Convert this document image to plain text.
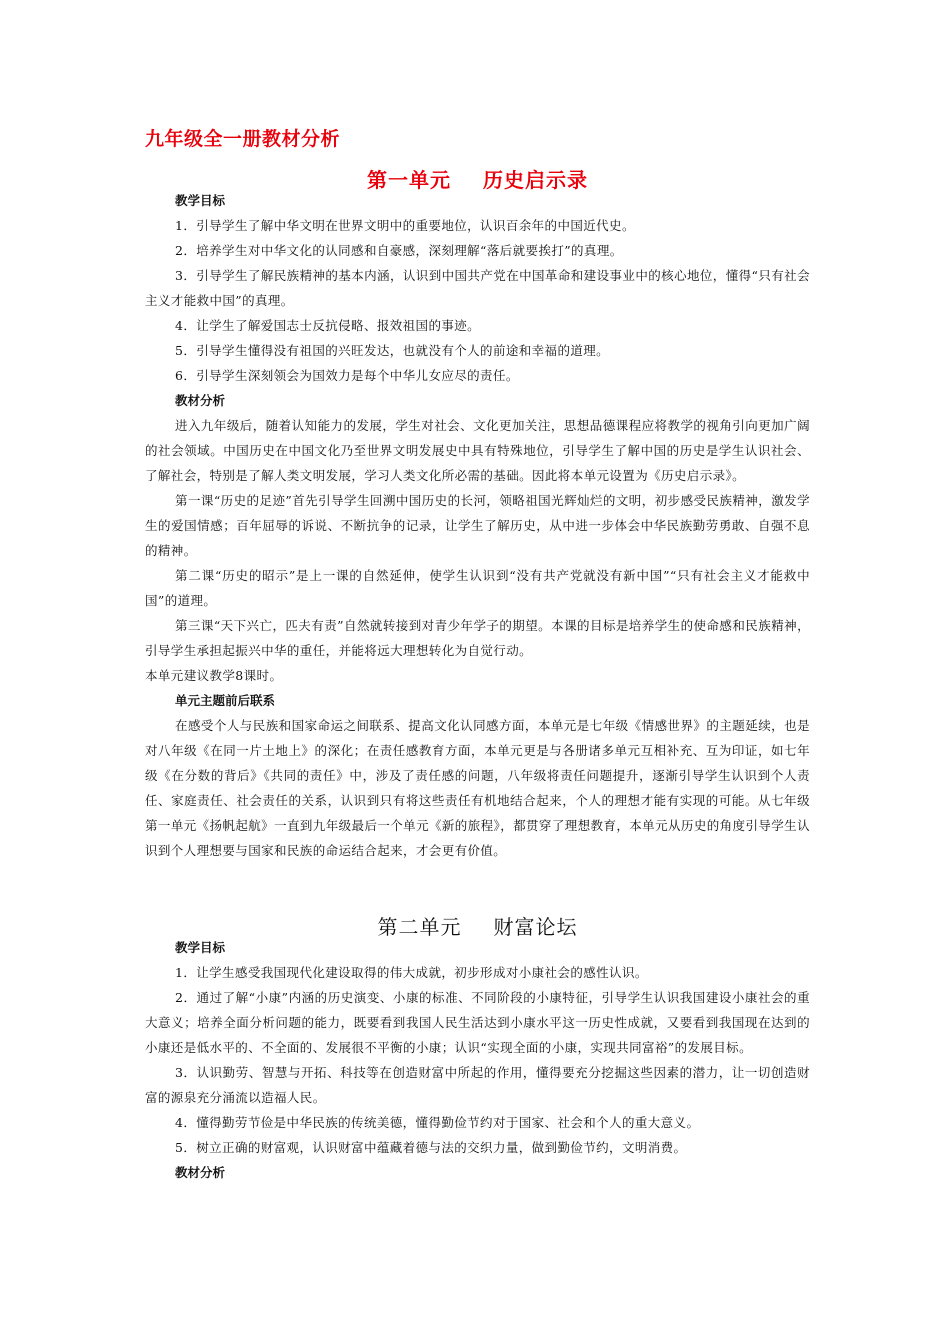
九年级全一册教材分析
第一单元 历史启示录
教学目标
1．引导学生了解中华文明在世界文明中的重要地位，认识百余年的中国近代史。
2．培养学生对中华文化的认同感和自豪感，深刻理解“落后就要挨打”的真理。
3．引导学生了解民族精神的基本内涵，认识到中国共产党在中国革命和建设事业中的核心地位，懂得“只有社会主义才能救中国”的真理。
4．让学生了解爱国志士反抗侵略、报效祖国的事迹。
5．引导学生懂得没有祖国的兴旺发达，也就没有个人的前途和幸福的道理。
6．引导学生深刻领会为国效力是每个中华儿女应尽的责任。
教材分析
进入九年级后，随着认知能力的发展，学生对社会、文化更加关注，思想品德课程应将教学的视角引向更加广阔的社会领域。中国历史在中国文化乃至世界文明发展史中具有特殊地位，引导学生了解中国的历史是学生认识社会、了解社会，特别是了解人类文明发展，学习人类文化所必需的基础。因此将本单元设置为《历史启示录》。
第一课“历史的足迹”首先引导学生回溯中国历史的长河，领略祖国光辉灿烂的文明，初步感受民族精神，激发学生的爱国情感；百年屈辱的诉说、不断抗争的记录，让学生了解历史，从中进一步体会中华民族勤劳勇敢、自强不息的精神。
第二课“历史的昭示”是上一课的自然延伸，使学生认识到“没有共产党就没有新中国”“只有社会主义才能救中国”的道理。
第三课“天下兴亡，匹夫有责”自然就转接到对青少年学子的期望。本课的目标是培养学生的使命感和民族精神，引导学生承担起振兴中华的重任，并能将远大理想转化为自觉行动。
本单元建议教学8课时。
单元主题前后联系
在感受个人与民族和国家命运之间联系、提高文化认同感方面，本单元是七年级《情感世界》的主题延续，也是对八年级《在同一片土地上》的深化；在责任感教育方面，本单元更是与各册诸多单元互相补充、互为印证，如七年级《在分数的背后》《共同的责任》中，涉及了责任感的问题，八年级将责任问题提升，逐渐引导学生认识到个人责任、家庭责任、社会责任的关系，认识到只有将这些责任有机地结合起来，个人的理想才能有实现的可能。从七年级第一单元《扬帆起航》一直到九年级最后一个单元《新的旅程》，都贯穿了理想教育，本单元从历史的角度引导学生认识到个人理想要与国家和民族的命运结合起来，才会更有价值。
第二单元 财富论坛
教学目标
1．让学生感受我国现代化建设取得的伟大成就，初步形成对小康社会的感性认识。
2．通过了解“小康”内涵的历史演变、小康的标准、不同阶段的小康特征，引导学生认识我国建设小康社会的重大意义；培养全面分析问题的能力，既要看到我国人民生活达到小康水平这一历史性成就，又要看到我国现在达到的小康还是低水平的、不全面的、发展很不平衡的小康；认识“实现全面的小康，实现共同富裕”的发展目标。
3．认识勤劳、智慧与开拓、科技等在创造财富中所起的作用，懂得要充分挖掘这些因素的潜力，让一切创造财富的源泉充分涌流以造福人民。
4．懂得勤劳节俭是中华民族的传统美德，懂得勤俭节约对于国家、社会和个人的重大意义。
5．树立正确的财富观，认识财富中蕴藏着德与法的交织力量，做到勤俭节约，文明消费。
教材分析
